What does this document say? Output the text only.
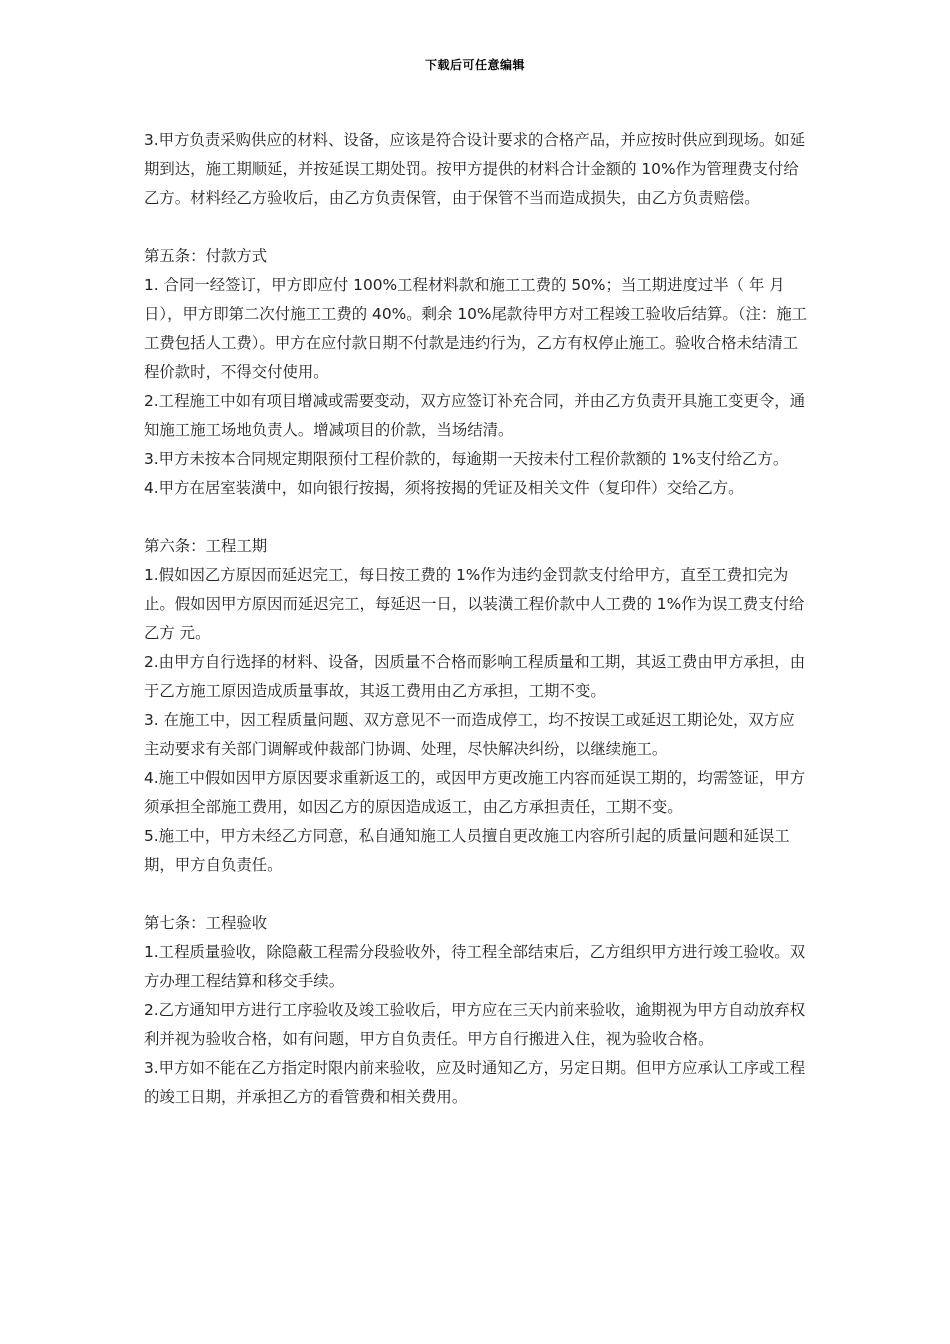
下载后可任意编辑

3.甲方负责采购供应的材料、设备，应该是符合设计要求的合格产品，并应按时供应到现场。如延期到达，施工期顺延，并按延误工期处罚。按甲方提供的材料合计金额的 10%作为管理费支付给乙方。材料经乙方验收后，由乙方负责保管，由于保管不当而造成损失，由乙方负责赔偿。

第五条：付款方式

1. 合同一经签订，甲方即应付 100%工程材料款和施工工费的 50%；当工期进度过半（ 年 月 日），甲方即第二次付施工工费的 40%。剩余 10%尾款待甲方对工程竣工验收后结算。（注：施工工费包括人工费）。甲方在应付款日期不付款是违约行为，乙方有权停止施工。验收合格未结清工程价款时，不得交付使用。

2.工程施工中如有项目增减或需要变动，双方应签订补充合同，并由乙方负责开具施工变更令，通知施工施工场地负责人。增减项目的价款，当场结清。

3.甲方未按本合同规定期限预付工程价款的，每逾期一天按未付工程价款额的 1%支付给乙方。

4.甲方在居室装潢中，如向银行按揭，须将按揭的凭证及相关文件（复印件）交给乙方。

第六条：工程工期

1.假如因乙方原因而延迟完工，每日按工费的 1%作为违约金罚款支付给甲方，直至工费扣完为止。假如因甲方原因而延迟完工，每延迟一日，以装潢工程价款中人工费的 1%作为误工费支付给乙方 元。

2.由甲方自行选择的材料、设备，因质量不合格而影响工程质量和工期，其返工费由甲方承担，由于乙方施工原因造成质量事故，其返工费用由乙方承担，工期不变。

3. 在施工中，因工程质量问题、双方意见不一而造成停工，均不按误工或延迟工期论处，双方应主动要求有关部门调解或仲裁部门协调、处理，尽快解决纠纷，以继续施工。

4.施工中假如因甲方原因要求重新返工的，或因甲方更改施工内容而延误工期的，均需签证，甲方须承担全部施工费用，如因乙方的原因造成返工，由乙方承担责任，工期不变。

5.施工中，甲方未经乙方同意，私自通知施工人员擅自更改施工内容所引起的质量问题和延误工期，甲方自负责任。

第七条：工程验收

1.工程质量验收，除隐蔽工程需分段验收外，待工程全部结束后，乙方组织甲方进行竣工验收。双方办理工程结算和移交手续。

2.乙方通知甲方进行工序验收及竣工验收后，甲方应在三天内前来验收，逾期视为甲方自动放弃权利并视为验收合格，如有问题，甲方自负责任。甲方自行搬进入住，视为验收合格。

3.甲方如不能在乙方指定时限内前来验收，应及时通知乙方，另定日期。但甲方应承认工序或工程的竣工日期，并承担乙方的看管费和相关费用。
